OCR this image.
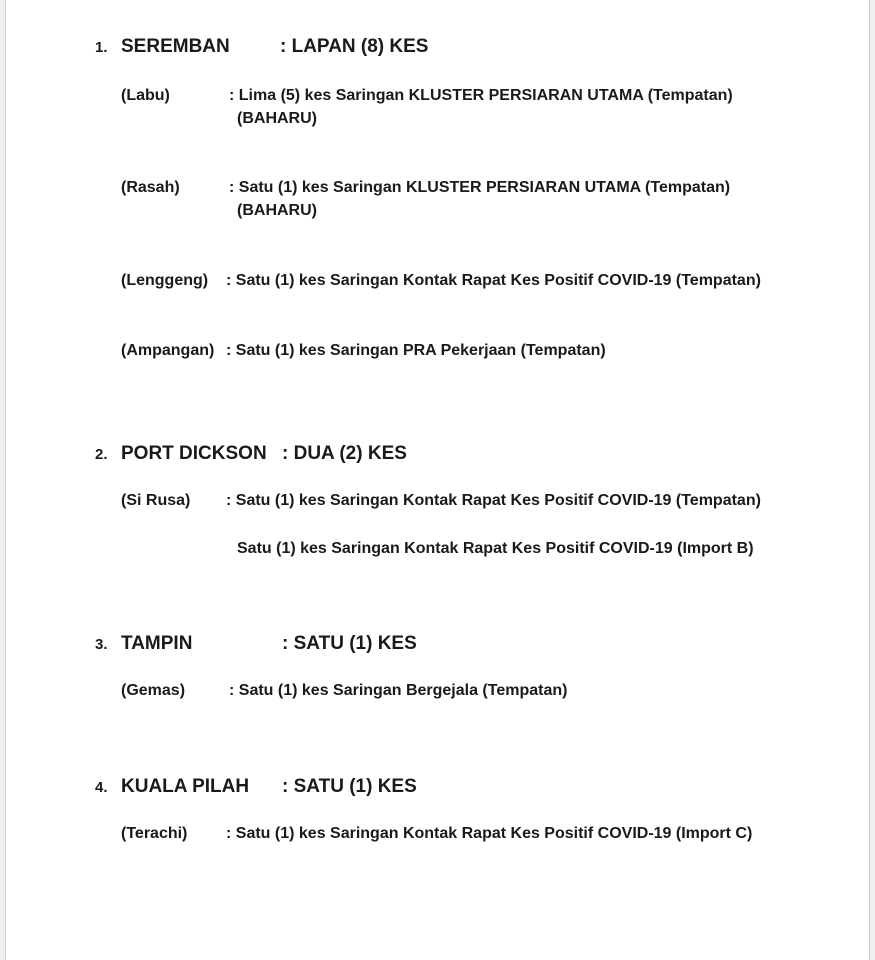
1. SEREMBAN	: LAPAN (8) KES
(Labu)	: Lima (5) kes Saringan KLUSTER PERSIARAN UTAMA (Tempatan)
(BAHARU)
(Rasah)	: Satu (1) kes Saringan KLUSTER PERSIARAN UTAMA (Tempatan)
(BAHARU)
(Lenggeng) : Satu (1) kes Saringan Kontak Rapat Kes Positif COVID-19 (Tempatan)
(Ampangan) : Satu (1) kes Saringan PRA Pekerjaan (Tempatan)
2. PORT DICKSON : DUA (2) KES
(Si Rusa) : Satu (1) kes Saringan Kontak Rapat Kes Positif COVID-19 (Tempatan)
Satu (1) kes Saringan Kontak Rapat Kes Positif COVID-19 (Import B)
3. TAMPIN	: SATU (1) KES
(Gemas)	: Satu (1) kes Saringan Bergejala (Tempatan)
4. KUALA PILAH : SATU (1) KES
(Terachi) : Satu (1) kes Saringan Kontak Rapat Kes Positif COVID-19 (Import C)
